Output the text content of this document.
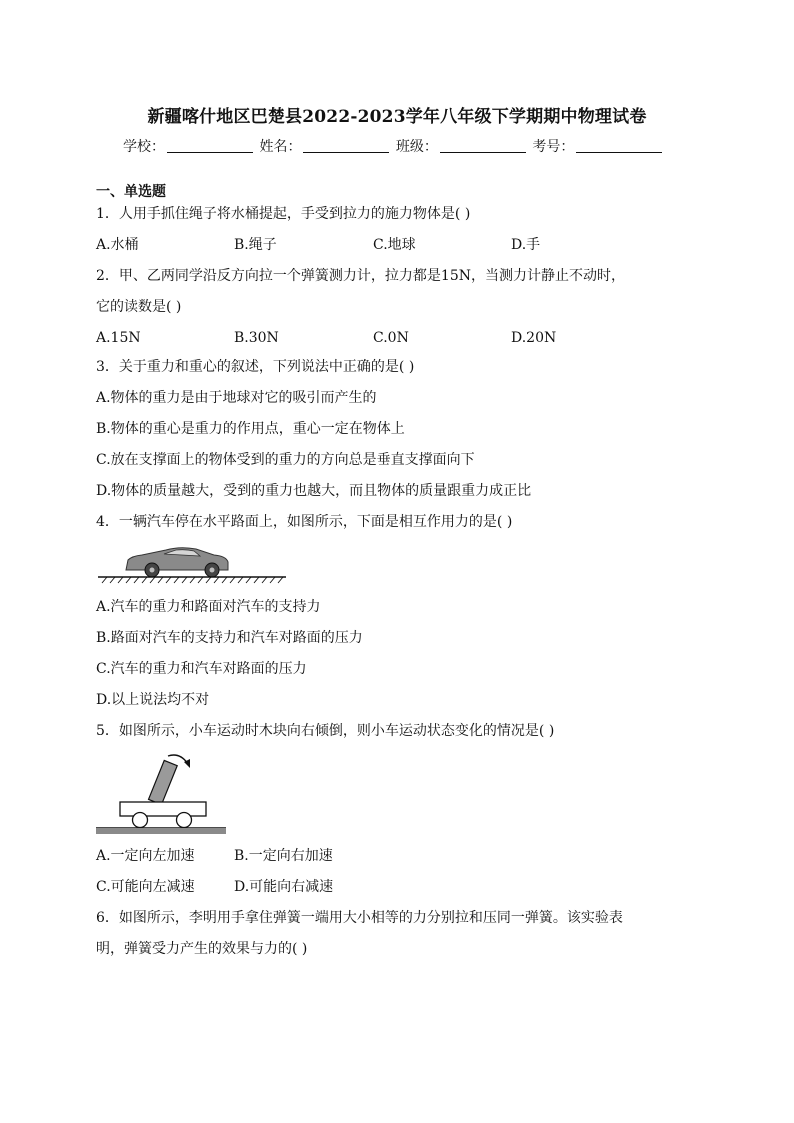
新疆喀什地区巴楚县2022-2023学年八年级下学期期中物理试卷
学校：	姓名：	班级：	考号：
一、单选题
1．人用手抓住绳子将水桶提起，手受到拉力的施力物体是( )
A.水桶	B.绳子	C.地球	D.手
2．甲、乙两同学沿反方向拉一个弹簧测力计，拉力都是15N，当测力计静止不动时，
它的读数是( )
A.15N	B.30N	C.0N	D.20N
3．关于重力和重心的叙述，下列说法中正确的是( )
A.物体的重力是由于地球对它的吸引而产生的
B.物体的重心是重力的作用点，重心一定在物体上
C.放在支撑面上的物体受到的重力的方向总是垂直支撑面向下
D.物体的质量越大，受到的重力也越大，而且物体的质量跟重力成正比
4．一辆汽车停在水平路面上，如图所示，下面是相互作用力的是( )
A.汽车的重力和路面对汽车的支持力
B.路面对汽车的支持力和汽车对路面的压力
C.汽车的重力和汽车对路面的压力
D.以上说法均不对
5．如图所示，小车运动时木块向右倾倒，则小车运动状态变化的情况是( )
A.一定向左加速	B.一定向右加速
C.可能向左减速	D.可能向右减速
6．如图所示，李明用手拿住弹簧一端用大小相等的力分别拉和压同一弹簧。该实验表
明，弹簧受力产生的效果与力的( )
